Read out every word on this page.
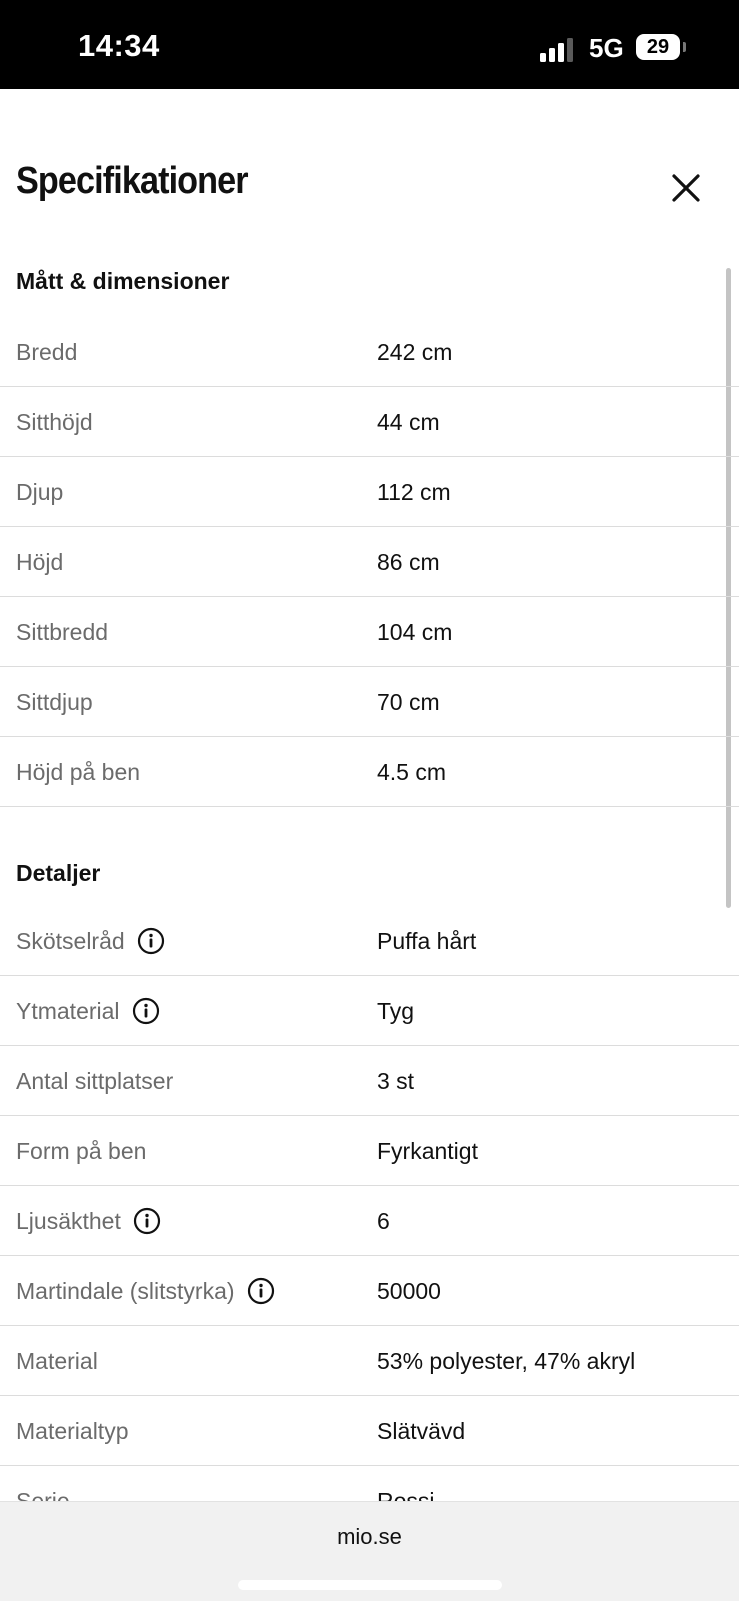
14:34	5G	29
Specifikationer
Mått & dimensioner
Bredd	242 cm
Sitthöjd	44 cm
Djup	112 cm
Höjd	86 cm
Sittbredd	104 cm
Sittdjup	70 cm
Höjd på ben	4.5 cm
Detaljer
Skötselråd	Puffa hårt
Ytmaterial	Tyg
Antal sittplatser	3 st
Form på ben	Fyrkantigt
Ljusäkthet	6
Martindale (slitstyrka)	50000
Material	53% polyester, 47% akryl
Materialtyp	Slätvävd
mio.se
